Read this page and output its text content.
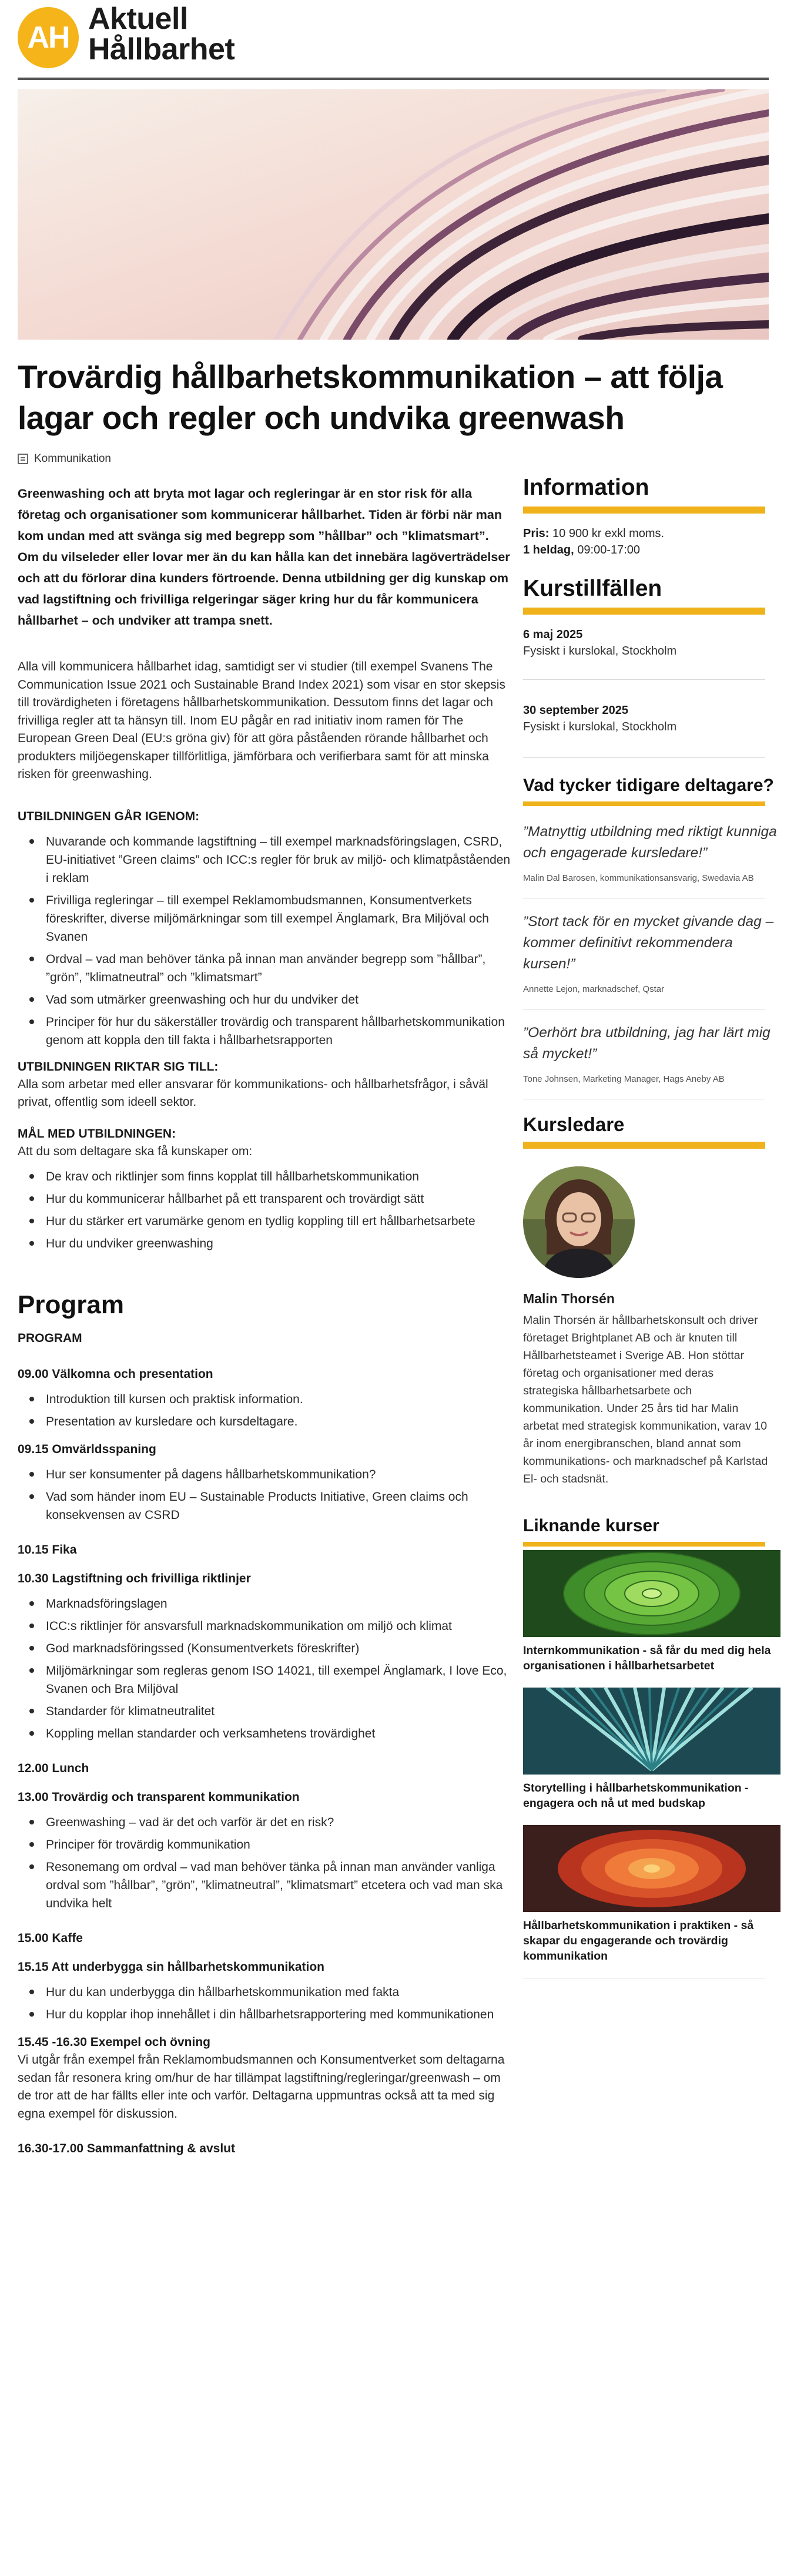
AH
Aktuell
Hållbarhet
Trovärdig hållbarhetskommunikation – att följa lagar och regler och undvika greenwash
Kommunikation

Greenwashing och att bryta mot lagar och regleringar är en stor risk för alla företag och organisationer som kommunicerar hållbarhet. Tiden är förbi när man kom undan med att svänga sig med begrepp som ”hållbar” och ”klimatsmart”. Om du vilseleder eller lovar mer än du kan hålla kan det innebära lagöverträdelser och att du förlorar dina kunders förtroende. Denna utbildning ger dig kunskap om vad lagstiftning och frivilliga relgeringar säger kring hur du får kommunicera hållbarhet – och undviker att trampa snett.

Alla vill kommunicera hållbarhet idag, samtidigt ser vi studier (till exempel Svanens The Communication Issue 2021 och Sustainable Brand Index 2021) som visar en stor skepsis till trovärdigheten i företagens hållbarhetskommunikation. Dessutom finns det lagar och frivilliga regler att ta hänsyn till. Inom EU pågår en rad initiativ inom ramen för The European Green Deal (EU:s gröna giv) för att göra påståenden rörande hållbarhet och produkters miljöegenskaper tillförlitliga, jämförbara och verifierbara samt för att minska risken för greenwashing.

UTBILDNINGEN GÅR IGENOM:
Nuvarande och kommande lagstiftning – till exempel marknadsföringslagen, CSRD, EU-initiativet ”Green claims” och ICC:s regler för bruk av miljö- och klimatpåståenden i reklam
Frivilliga regleringar – till exempel Reklamombudsmannen, Konsumentverkets föreskrifter, diverse miljömärkningar som till exempel Änglamark, Bra Miljöval och Svanen
Ordval – vad man behöver tänka på innan man använder begrepp som ”hållbar”, ”grön”, ”klimatneutral” och ”klimatsmart”
Vad som utmärker greenwashing och hur du undviker det
Principer för hur du säkerställer trovärdig och transparent hållbarhetskommunikation genom att koppla den till fakta i hållbarhetsrapporten
UTBILDNINGEN RIKTAR SIG TILL:

Alla som arbetar med eller ansvarar för kommunikations- och hållbarhetsfrågor, i såväl privat, offentlig som ideell sektor.

MÅL MED UTBILDNINGEN:

Att du som deltagare ska få kunskaper om:

De krav och riktlinjer som finns kopplat till hållbarhetskommunikation
Hur du kommunicerar hållbarhet på ett transparent och trovärdigt sätt
Hur du stärker ert varumärke genom en tydlig koppling till ert hållbarhetsarbete
Hur du undviker greenwashing
Program
PROGRAM
09.00 Välkomna och presentation
Introduktion till kursen och praktisk information.
Presentation av kursledare och kursdeltagare.
09.15 Omvärldsspaning
Hur ser konsumenter på dagens hållbarhetskommunikation?
Vad som händer inom EU – Sustainable Products Initiative, Green claims och konsekvensen av CSRD
10.15 Fika
10.30 Lagstiftning och frivilliga riktlinjer
Marknadsföringslagen
ICC:s riktlinjer för ansvarsfull marknadskommunikation om miljö och klimat
God marknadsföringssed (Konsumentverkets föreskrifter)
Miljömärkningar som regleras genom ISO 14021, till exempel Änglamark, I love Eco, Svanen och Bra Miljöval
Standarder för klimatneutralitet
Koppling mellan standarder och verksamhetens trovärdighet
12.00 Lunch
13.00 Trovärdig och transparent kommunikation
Greenwashing – vad är det och varför är det en risk?
Principer för trovärdig kommunikation
Resonemang om ordval – vad man behöver tänka på innan man använder vanliga ordval som ”hållbar”, ”grön”, ”klimatneutral”, ”klimatsmart” etcetera och vad man ska undvika helt
15.00 Kaffe
15.15 Att underbygga sin hållbarhetskommunikation
Hur du kan underbygga din hållbarhetskommunikation med fakta
Hur du kopplar ihop innehållet i din hållbarhetsrapportering med kommunikationen
15.45 -16.30 Exempel och övning

Vi utgår från exempel från Reklamombudsmannen och Konsumentverket som deltagarna sedan får resonera kring om/hur de har tillämpat lagstiftning/regleringar/greenwash – om de tror att de har fällts eller inte och varför. Deltagarna uppmuntras också att ta med sig egna exempel för diskussion.

16.30-17.00 Sammanfattning & avslut
Information
Pris: 10 900 kr exkl moms.
1 heldag, 09:00-17:00
Kurstillfällen
6 maj 2025
Fysiskt i kurslokal, Stockholm
30 september 2025
Fysiskt i kurslokal, Stockholm
Vad tycker tidigare deltagare?
”Matnyttig utbildning med riktigt kunniga och engagerade kursledare!”
Malin Dal Barosen, kommunikationsansvarig, Swedavia AB
”Stort tack för en mycket givande dag – kommer definitivt rekommendera kursen!”
Annette Lejon, marknadschef, Qstar
”Oerhört bra utbildning, jag har lärt mig så mycket!”
Tone Johnsen, Marketing Manager, Hags Aneby AB
Kursledare
Malin Thorsén

Malin Thorsén är hållbarhetskonsult och driver företaget Brightplanet AB och är knuten till Hållbarhetsteamet i Sverige AB. Hon stöttar företag och organisationer med deras strategiska hållbarhetsarbete och kommunikation. Under 25 års tid har Malin arbetat med strategisk kommunikation, varav 10 år inom energibranschen, bland annat som kommunikations- och marknadschef på Karlstad El- och stadsnät.

Liknande kurser
Internkommunikation - så får du med dig hela organisationen i hållbarhetsarbetet
Storytelling i hållbarhetskommunikation - engagera och nå ut med budskap
Hållbarhetskommunikation i praktiken - så skapar du engagerande och trovärdig kommunikation
